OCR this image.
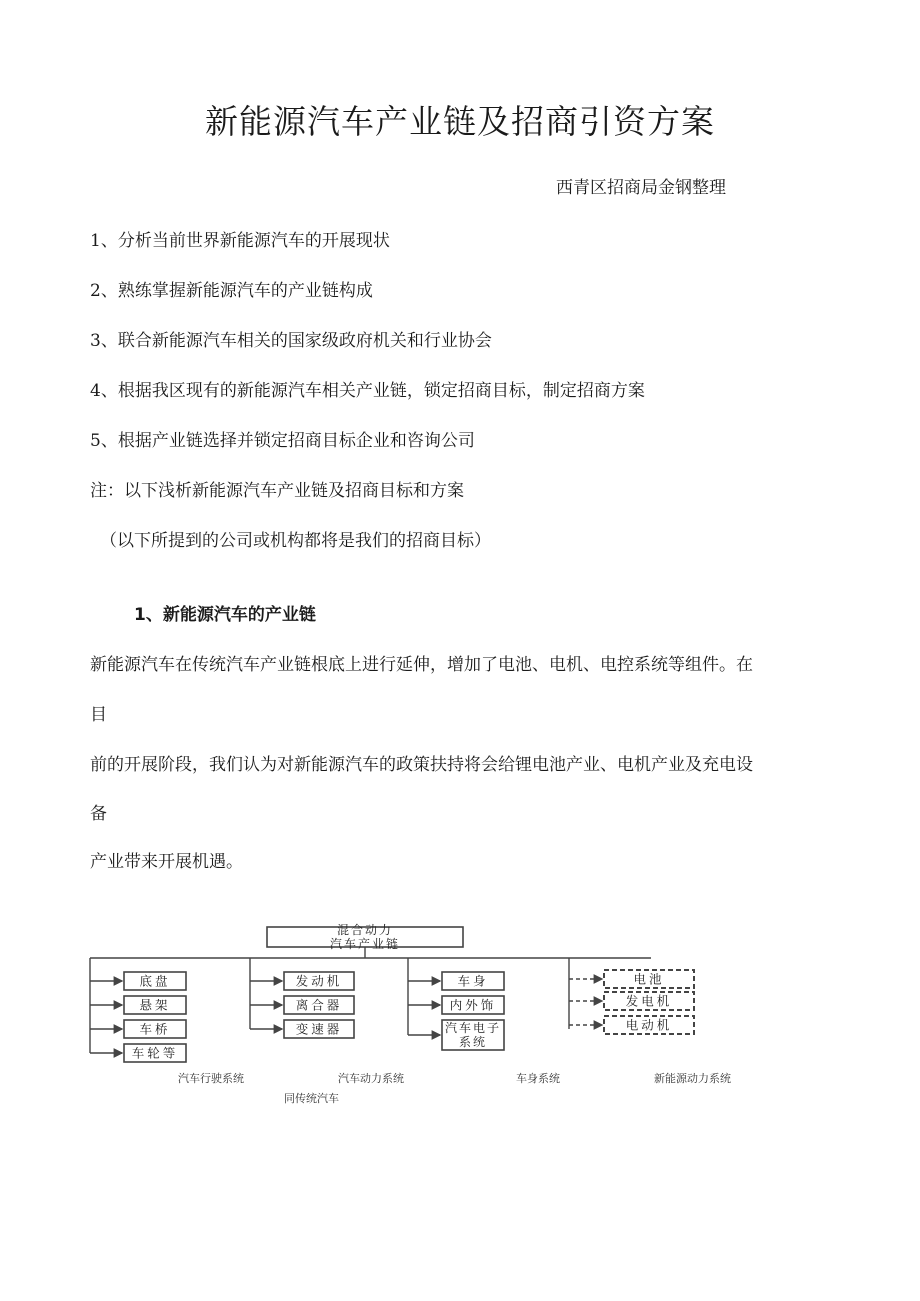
新能源汽车产业链及招商引资方案
西青区招商局金钢整理
1、分析当前世界新能源汽车的开展现状
2、熟练掌握新能源汽车的产业链构成
3、联合新能源汽车相关的国家级政府机关和行业协会
4、根据我区现有的新能源汽车相关产业链，锁定招商目标，制定招商方案
5、根据产业链选择并锁定招商目标企业和咨询公司
注：以下浅析新能源汽车产业链及招商目标和方案
（以下所提到的公司或机构都将是我们的招商目标）
1、新能源汽车的产业链
新能源汽车在传统汽车产业链根底上进行延伸，增加了电池、电机、电控系统等组件。在
目
前的开展阶段，我们认为对新能源汽车的政策扶持将会给锂电池产业、电机产业及充电设
备
产业带来开展机遇。
混合动力
汽车产业链
底盘
悬架
车桥
车轮等
发动机
离合器
变速器
车身
内外饰
汽车电子
系统
电池
发电机
电动机
汽车行驶系统	汽车动力系统	车身系统	新能源动力系统
同传统汽车
